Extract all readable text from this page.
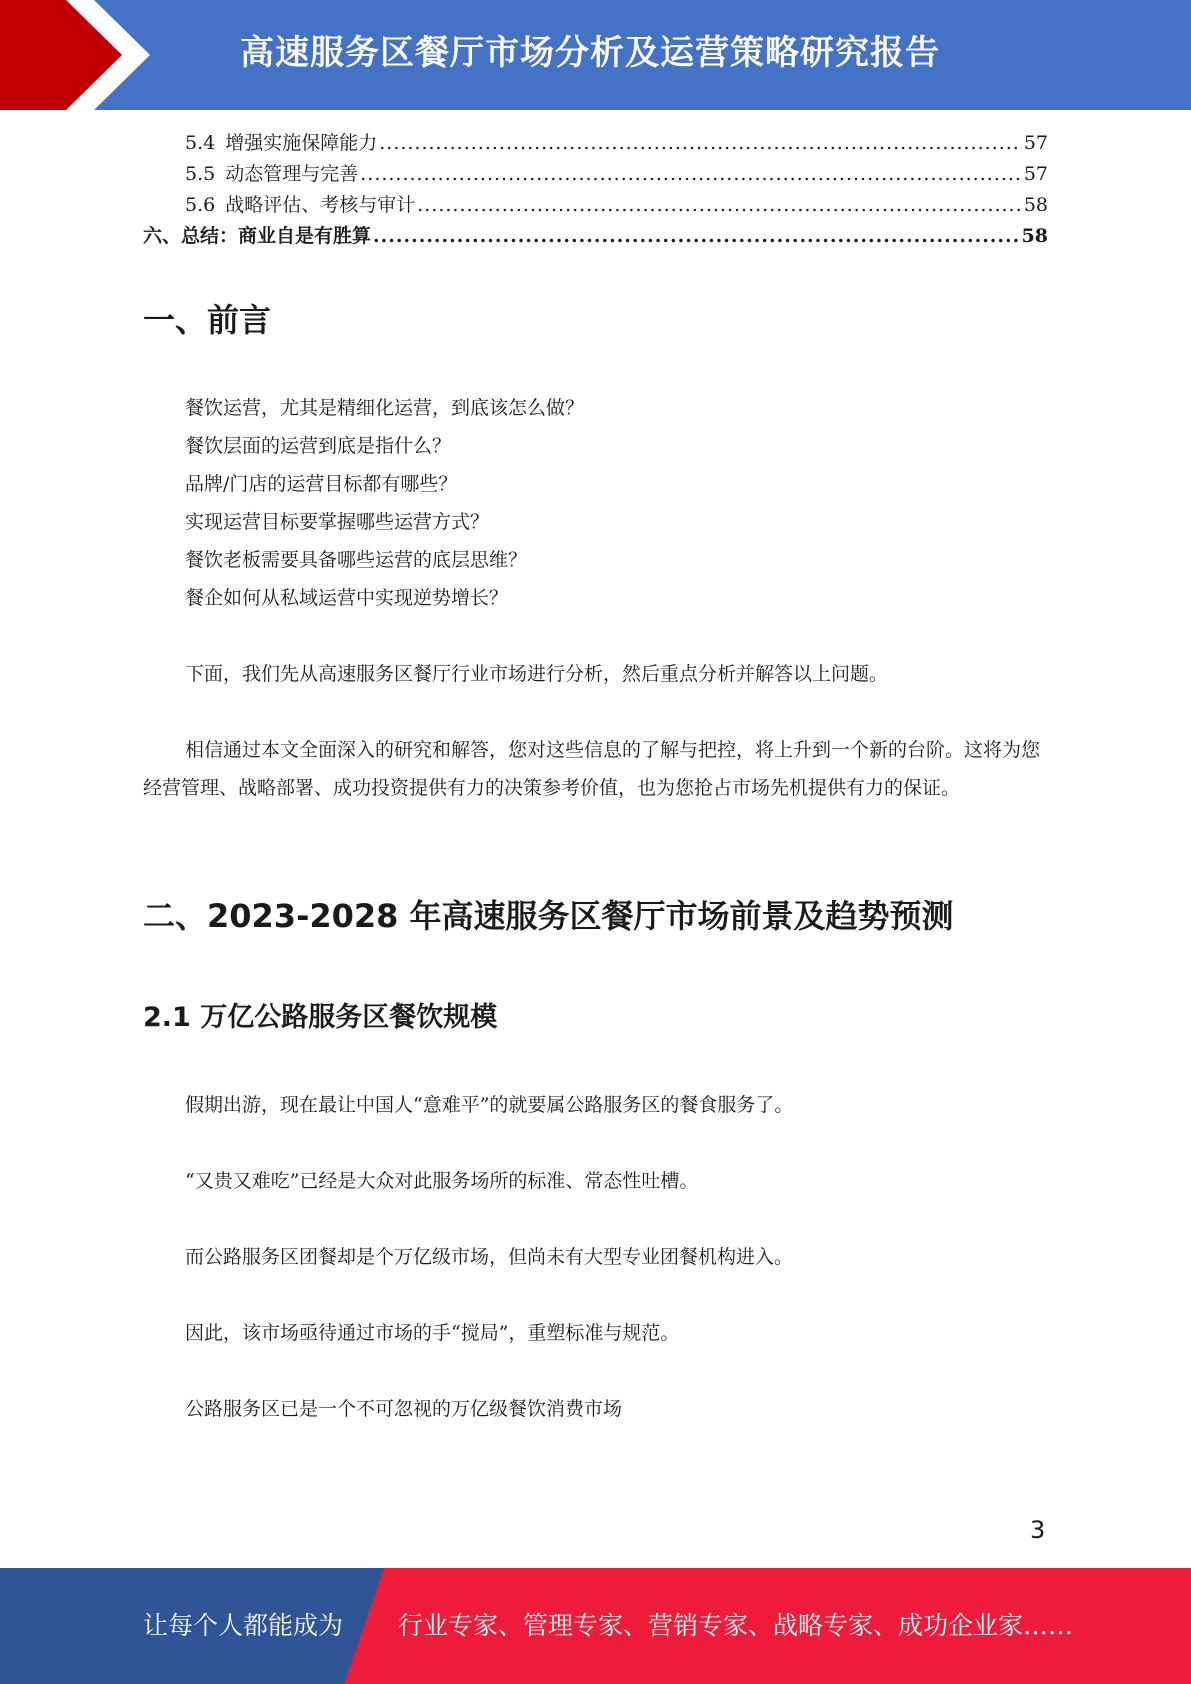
高速服务区餐厅市场分析及运营策略研究报告
5.4 增强实施保障能力 .....	57
5.5 动态管理与完善 .....	57
5.6 战略评估、考核与审计 .....	58
六、总结：商业自是有胜算 .....	58
一、前言
餐饮运营，尤其是精细化运营，到底该怎么做？
餐饮层面的运营到底是指什么？
品牌/门店的运营目标都有哪些？
实现运营目标要掌握哪些运营方式？
餐饮老板需要具备哪些运营的底层思维？
餐企如何从私域运营中实现逆势增长？
下面，我们先从高速服务区餐厅行业市场进行分析，然后重点分析并解答以上问题。
相信通过本文全面深入的研究和解答，您对这些信息的了解与把控，将上升到一个新的台阶。这将为您经营管理、战略部署、成功投资提供有力的决策参考价值，也为您抢占市场先机提供有力的保证。
二、2023-2028 年高速服务区餐厅市场前景及趋势预测
2.1 万亿公路服务区餐饮规模
假期出游，现在最让中国人“意难平”的就要属公路服务区的餐食服务了。
“又贵又难吃”已经是大众对此服务场所的标准、常态性吐槽。
而公路服务区团餐却是个万亿级市场，但尚未有大型专业团餐机构进入。
因此，该市场亟待通过市场的手“搅局”，重塑标准与规范。
公路服务区已是一个不可忽视的万亿级餐饮消费市场
3
让每个人都能成为 行业专家、管理专家、营销专家、战略专家、成功企业家……
